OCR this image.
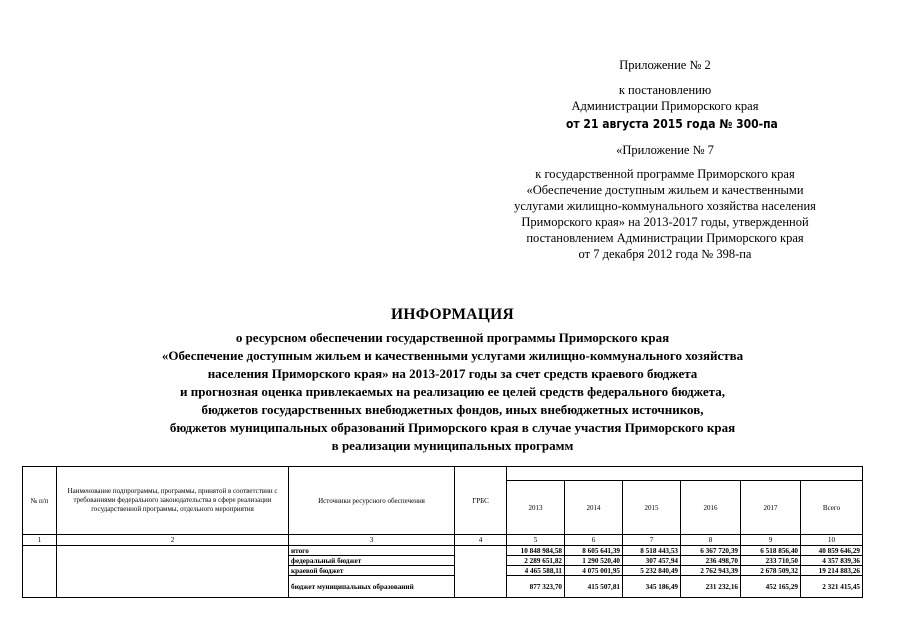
Приложение № 2
к постановлению
Администрации Приморского края
от 21 августа 2015 года № 300-па
«Приложение № 7
к государственной программе Приморского края
«Обеспечение доступным жильем и качественными
услугами жилищно-коммунального хозяйства населения
Приморского края» на 2013-2017 годы, утвержденной
постановлением Администрации Приморского края
от 7 декабря 2012 года № 398-па
ИНФОРМАЦИЯ
о ресурсном обеспечении государственной программы Приморского края
«Обеспечение доступным жильем и качественными услугами жилищно-коммунального хозяйства
населения Приморского края» на 2013-2017 годы за счет средств краевого бюджета
и прогнозная оценка привлекаемых на реализацию ее целей средств федерального бюджета,
бюджетов государственных внебюджетных фондов, иных внебюджетных источников,
бюджетов муниципальных образований Приморского края в случае участия Приморского края
в реализации муниципальных программ
№ п/п	Наименование подпрограммы, программы, принятой в соответствии с требованиями федерального законодательства в сфере реализации государственной программы, отдельного мероприятия	Источники ресурсного обеспечения	ГРБС						
				2013	2014	2015	2016	2017	Всего
1	2	3	4	5	6	7	8	9	10
		итого		10 848 984,58	8 605 641,39	8 518 443,53	6 367 720,39	6 518 856,40	40 859 646,29
		федеральный бюджет		2 289 651,82	1 290 520,40	307 457,94	236 498,70	233 710,50	4 357 839,36
		краевой бюджет		4 465 588,11	4 075 001,95	5 232 840,49	2 762 943,39	2 678 509,32	19 214 883,26
		бюджет муниципальных образований		877 323,70	415 507,81	345 186,49	231 232,16	452 165,29	2 321 415,45
